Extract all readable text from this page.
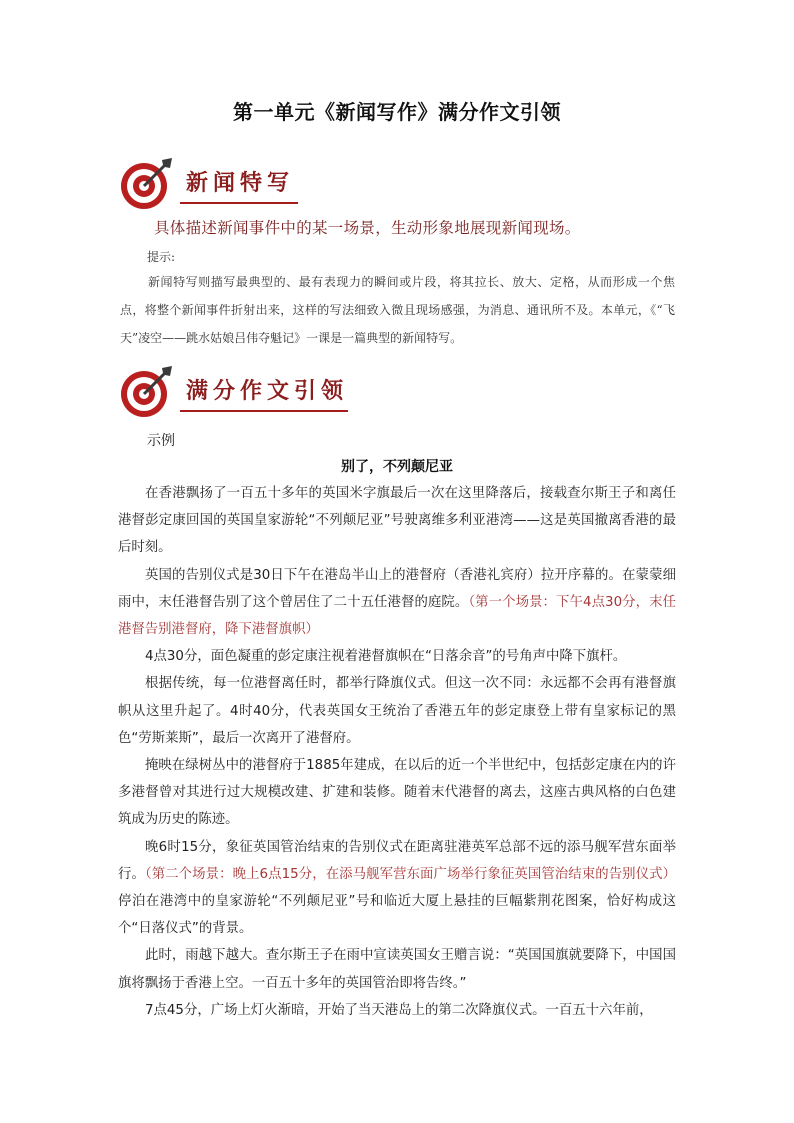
第一单元《新闻写作》满分作文引领
新闻特写
具体描述新闻事件中的某一场景，生动形象地展现新闻现场。
提示:
新闻特写则描写最典型的、最有表现力的瞬间或片段，将其拉长、放大、定格，从而形成一个焦点，将整个新闻事件折射出来，这样的写法细致入微且现场感强，为消息、通讯所不及。本单元，《“飞天”凌空——跳水姑娘吕伟夺魁记》一课是一篇典型的新闻特写。
满分作文引领
示例
别了，不列颠尼亚

在香港飘扬了一百五十多年的英国米字旗最后一次在这里降落后，接载查尔斯王子和离任港督彭定康回国的英国皇家游轮“不列颠尼亚”号驶离维多利亚港湾——这是英国撤离香港的最后时刻。

英国的告别仪式是30日下午在港岛半山上的港督府（香港礼宾府）拉开序幕的。在蒙蒙细雨中，末任港督告别了这个曾居住了二十五任港督的庭院。（第一个场景：下午4点30分，末任港督告别港督府，降下港督旗帜）

4点30分，面色凝重的彭定康注视着港督旗帜在“日落余音”的号角声中降下旗杆。

根据传统，每一位港督离任时，都举行降旗仪式。但这一次不同：永远都不会再有港督旗帜从这里升起了。4时40分，代表英国女王统治了香港五年的彭定康登上带有皇家标记的黑色“劳斯莱斯”，最后一次离开了港督府。

掩映在绿树丛中的港督府于1885年建成，在以后的近一个半世纪中，包括彭定康在内的许多港督曾对其进行过大规模改建、扩建和装修。随着末代港督的离去，这座古典风格的白色建筑成为历史的陈迹。

晚6时15分，象征英国管治结束的告别仪式在距离驻港英军总部不远的添马舰军营东面举行。（第二个场景：晚上6点15分，在添马舰军营东面广场举行象征英国管治结束的告别仪式）停泊在港湾中的皇家游轮“不列颠尼亚”号和临近大厦上悬挂的巨幅紫荆花图案，恰好构成这个“日落仪式”的背景。

此时，雨越下越大。查尔斯王子在雨中宣读英国女王赠言说：“英国国旗就要降下，中国国旗将飘扬于香港上空。一百五十多年的英国管治即将告终。”

7点45分，广场上灯火渐暗，开始了当天港岛上的第二次降旗仪式。一百五十六年前，
